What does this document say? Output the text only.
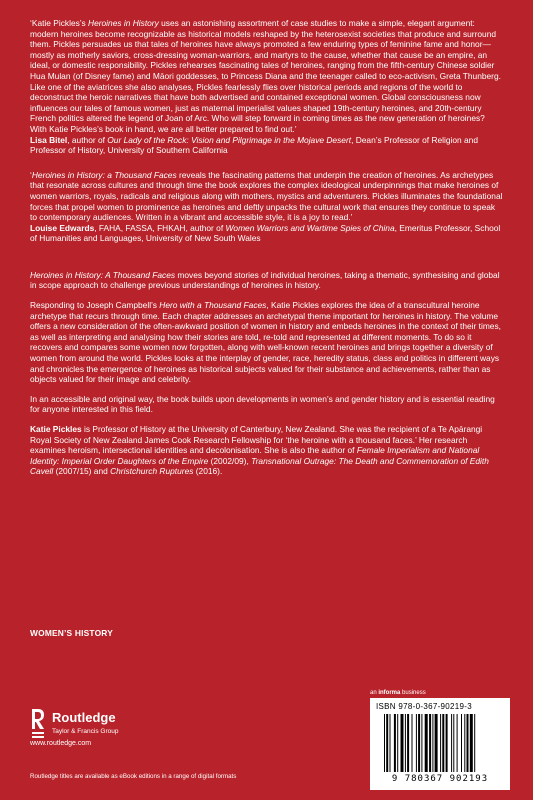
‘Katie Pickles’s Heroines in History uses an astonishing assortment of case studies to make a simple, elegant argument: modern heroines become recognizable as historical models reshaped by the heterosexist societies that produce and surround them. Pickles persuades us that tales of heroines have always promoted a few enduring types of feminine fame and honor—mostly as motherly saviors, cross-dressing woman-warriors, and martyrs to the cause, whether that cause be an empire, an ideal, or domestic responsibility. Pickles rehearses fascinating tales of heroines, ranging from the fifth-century Chinese soldier Hua Mulan (of Disney fame) and Māori goddesses, to Princess Diana and the teenager called to eco-activism, Greta Thunberg. Like one of the aviatrices she also analyses, Pickles fearlessly flies over historical periods and regions of the world to deconstruct the heroic narratives that have both advertised and contained exceptional women. Global consciousness now influences our tales of famous women, just as maternal imperialist values shaped 19th-century heroines, and 20th-century French politics altered the legend of Joan of Arc. Who will step forward in coming times as the new generation of heroines? With Katie Pickles’s book in hand, we are all better prepared to find out.’

Lisa Bitel, author of Our Lady of the Rock: Vision and Pilgrimage in the Mojave Desert, Dean’s Professor of Religion and Professor of History, University of Southern California

‘Heroines in History: a Thousand Faces reveals the fascinating patterns that underpin the creation of heroines. As archetypes that resonate across cultures and through time the book explores the complex ideological underpinnings that make heroines of women warriors, royals, radicals and religious along with mothers, mystics and adventurers. Pickles illuminates the foundational forces that propel women to prominence as heroines and deftly unpacks the cultural work that ensures they continue to speak to contemporary audiences. Written in a vibrant and accessible style, it is a joy to read.’

Louise Edwards, FAHA, FASSA, FHKAH, author of Women Warriors and Wartime Spies of China, Emeritus Professor, School of Humanities and Languages, University of New South Wales

Heroines in History: A Thousand Faces moves beyond stories of individual heroines, taking a thematic, synthesising and global in scope approach to challenge previous understandings of heroines in history.

Responding to Joseph Campbell’s Hero with a Thousand Faces, Katie Pickles explores the idea of a transcultural heroine archetype that recurs through time. Each chapter addresses an archetypal theme important for heroines in history. The volume offers a new consideration of the often-awkward position of women in history and embeds heroines in the context of their times, as well as interpreting and analysing how their stories are told, re-told and represented at different moments. To do so it recovers and compares some women now forgotten, along with well-known recent heroines and brings together a diversity of women from around the world. Pickles looks at the interplay of gender, race, heredity status, class and politics in different ways and chronicles the emergence of heroines as historical subjects valued for their substance and achievements, rather than as objects valued for their image and celebrity.

In an accessible and original way, the book builds upon developments in women’s and gender history and is essential reading for anyone interested in this field.

Katie Pickles is Professor of History at the University of Canterbury, New Zealand. She was the recipient of a Te Apārangi Royal Society of New Zealand James Cook Research Fellowship for ‘the heroine with a thousand faces.’ Her research examines heroism, intersectional identities and decolonisation. She is also the author of Female Imperialism and National Identity: Imperial Order Daughters of the Empire (2002/09), Transnational Outrage: The Death and Commemoration of Edith Cavell (2007/15) and Christchurch Ruptures (2016).

WOMEN’S HISTORY
Routledge
Taylor & Francis Group
www.routledge.com
Routledge titles are available as eBook editions in a range of digital formats
an informa business
ISBN 978-0-367-90219-3
9 780367 902193
